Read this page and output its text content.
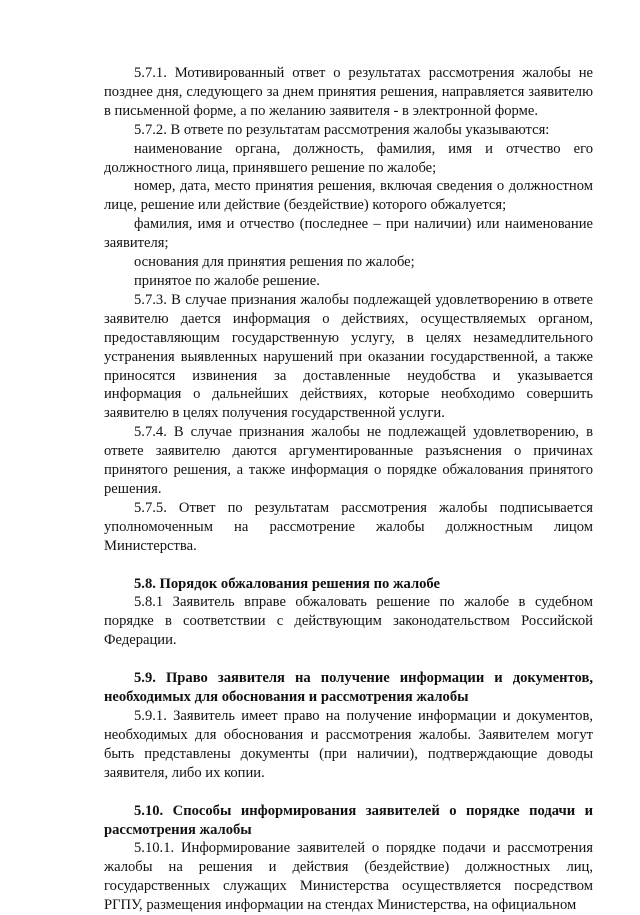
5.7.1. Мотивированный ответ о результатах рассмотрения жалобы не позднее дня, следующего за днем принятия решения, направляется заявителю в письменной форме, а по желанию заявителя - в электронной форме.

5.7.2. В ответе по результатам рассмотрения жалобы указываются:

наименование органа, должность, фамилия, имя и отчество его должностного лица, принявшего решение по жалобе;

номер, дата, место принятия решения, включая сведения о должностном лице, решение или действие (бездействие) которого обжалуется;

фамилия, имя и отчество (последнее – при наличии) или наименование заявителя;

основания для принятия решения по жалобе;

принятое по жалобе решение.

5.7.3. В случае признания жалобы подлежащей удовлетворению в ответе заявителю дается информация о действиях, осуществляемых органом, предоставляющим государственную услугу, в целях незамедлительного устранения выявленных нарушений при оказании государственной, а также приносятся извинения за доставленные неудобства и указывается информация о дальнейших действиях, которые необходимо совершить заявителю в целях получения государственной услуги.

5.7.4. В случае признания жалобы не подлежащей удовлетворению, в ответе заявителю даются аргументированные разъяснения о причинах принятого решения, а также информация о порядке обжалования принятого решения.

5.7.5. Ответ по результатам рассмотрения жалобы подписывается уполномоченным на рассмотрение жалобы должностным лицом Министерства.

5.8. Порядок обжалования решения по жалобе

5.8.1 Заявитель вправе обжаловать решение по жалобе в судебном порядке в соответствии с действующим законодательством Российской Федерации.

5.9. Право заявителя на получение информации и документов, необходимых для обоснования и рассмотрения жалобы

5.9.1. Заявитель имеет право на получение информации и документов, необходимых для обоснования и рассмотрения жалобы. Заявителем могут быть представлены документы (при наличии), подтверждающие доводы заявителя, либо их копии.

5.10. Способы информирования заявителей о порядке подачи и рассмотрения жалобы

5.10.1. Информирование заявителей о порядке подачи и рассмотрения жалобы на решения и действия (бездействие) должностных лиц, государственных служащих Министерства осуществляется посредством РГПУ, размещения информации на стендах Министерства, на официальном
